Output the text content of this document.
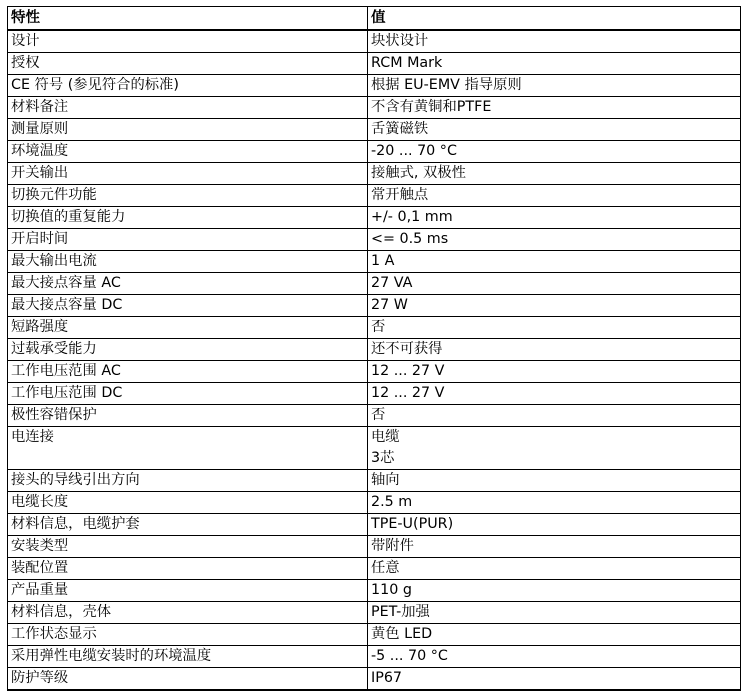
特性	值
设计	块状设计

授权	RCM Mark

CE 符号 (参见符合的标准)	根据 EU-EMV 指导原则

材料备注	不含有黄铜和PTFE

测量原则	舌簧磁铁

环境温度	-20 ... 70 °C

开关输出	接触式, 双极性

切换元件功能	常开触点

切换值的重复能力	+/- 0,1 mm

开启时间	<= 0.5 ms

最大输出电流	1 A

最大接点容量 AC	27 VA

最大接点容量 DC	27 W

短路强度	否

过载承受能力	还不可获得

工作电压范围 AC	12 ... 27 V

工作电压范围 DC	12 ... 27 V

极性容错保护	否

电连接	电缆
3芯

接头的导线引出方向	轴向

电缆长度	2.5 m

材料信息，电缆护套	TPE-U(PUR)

安装类型	带附件

装配位置	任意

产品重量	110 g

材料信息，壳体	PET-加强

工作状态显示	黄色 LED

采用弹性电缆安装时的环境温度	-5 ... 70 °C

防护等级	IP67
